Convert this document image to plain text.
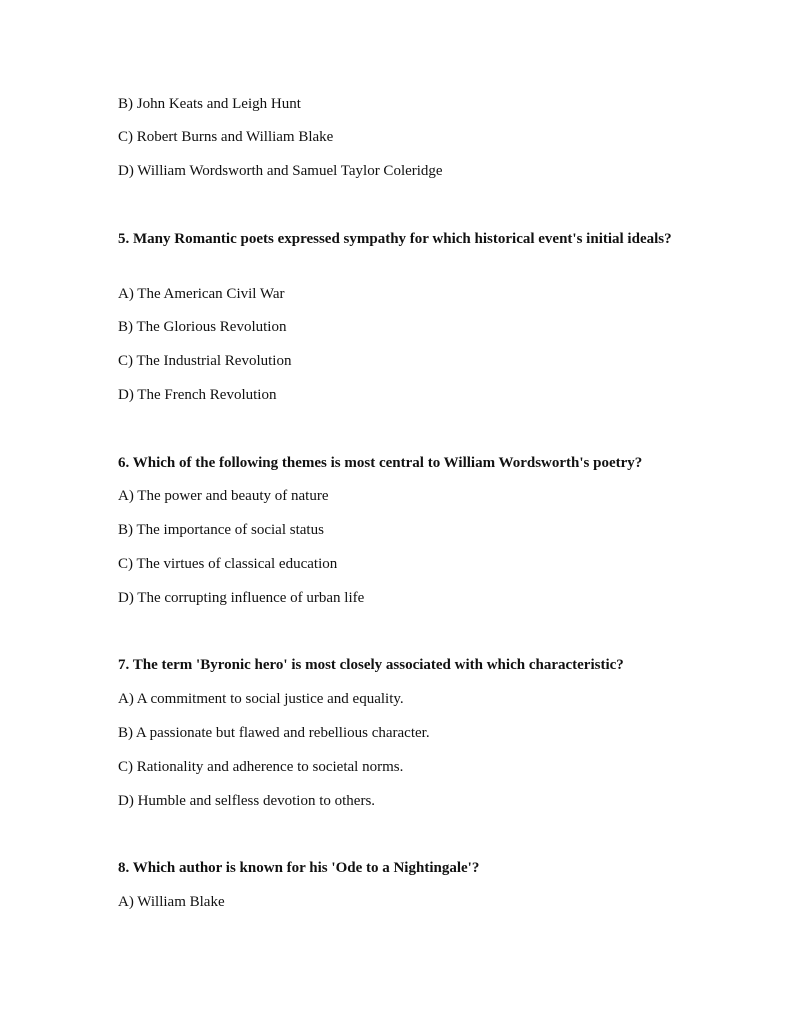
B) John Keats and Leigh Hunt
C) Robert Burns and William Blake
D) William Wordsworth and Samuel Taylor Coleridge
5. Many Romantic poets expressed sympathy for which historical event's initial ideals?
A) The American Civil War
B) The Glorious Revolution
C) The Industrial Revolution
D) The French Revolution
6. Which of the following themes is most central to William Wordsworth's poetry?
A) The power and beauty of nature
B) The importance of social status
C) The virtues of classical education
D) The corrupting influence of urban life
7. The term 'Byronic hero' is most closely associated with which characteristic?
A) A commitment to social justice and equality.
B) A passionate but flawed and rebellious character.
C) Rationality and adherence to societal norms.
D) Humble and selfless devotion to others.
8. Which author is known for his 'Ode to a Nightingale'?
A) William Blake
